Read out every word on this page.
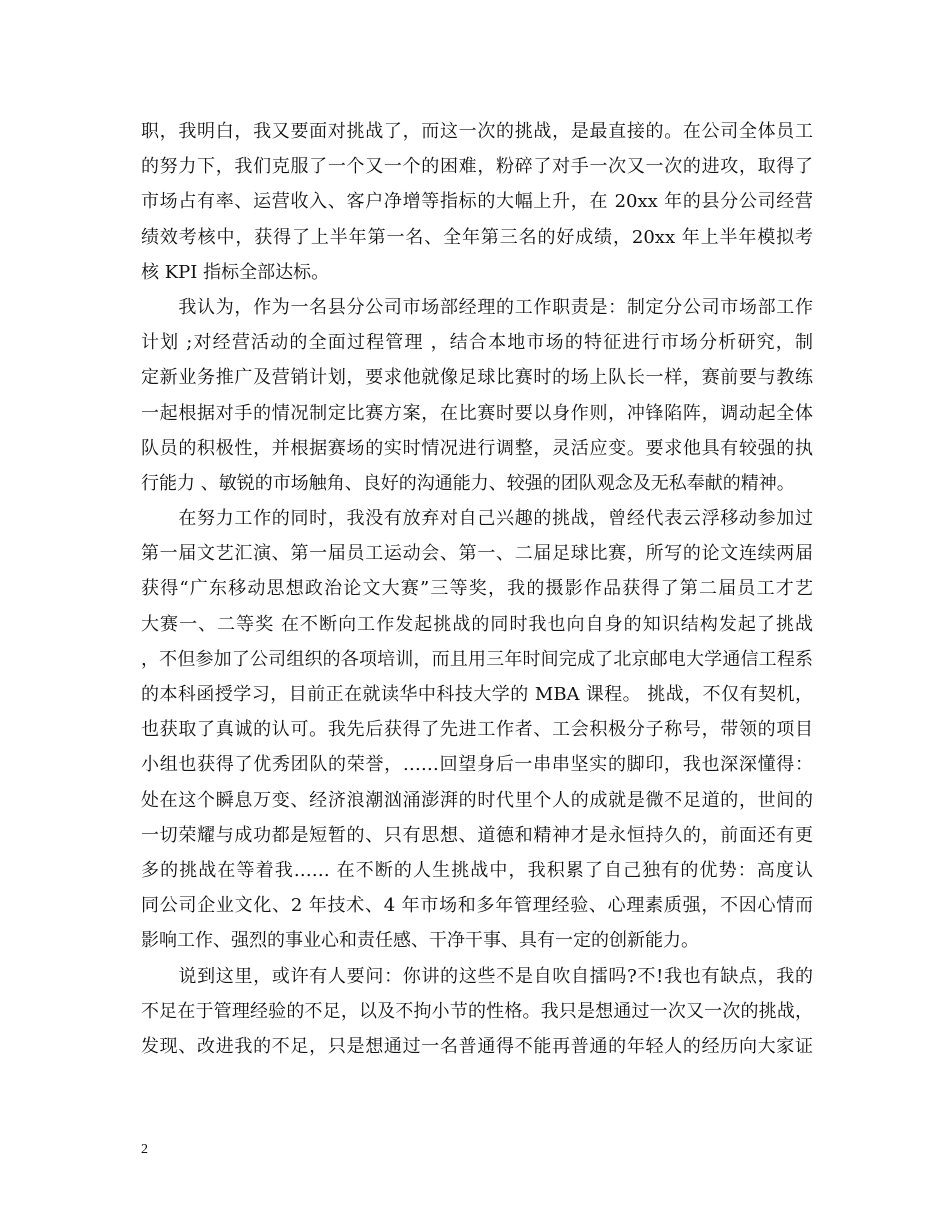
职，我明白，我又要面对挑战了，而这一次的挑战，是最直接的。在公司全体员工
的努力下，我们克服了一个又一个的困难，粉碎了对手一次又一次的进攻，取得了
市场占有率、运营收入、客户净增等指标的大幅上升，在 20xx 年的县分公司经营
绩效考核中，获得了上半年第一名、全年第三名的好成绩，20xx 年上半年模拟考
核 KPI 指标全部达标。
　　我认为，作为一名县分公司市场部经理的工作职责是：制定分公司市场部工作
计划 ;对经营活动的全面过程管理 ，结合本地市场的特征进行市场分析研究，制
定新业务推广及营销计划，要求他就像足球比赛时的场上队长一样，赛前要与教练
一起根据对手的情况制定比赛方案，在比赛时要以身作则，冲锋陷阵，调动起全体
队员的积极性，并根据赛场的实时情况进行调整，灵活应变。要求他具有较强的执
行能力 、敏锐的市场触角、良好的沟通能力、较强的团队观念及无私奉献的精神。
　　在努力工作的同时，我没有放弃对自己兴趣的挑战，曾经代表云浮移动参加过
第一届文艺汇演、第一届员工运动会、第一、二届足球比赛，所写的论文连续两届
获得“广东移动思想政治论文大赛”三等奖，我的摄影作品获得了第二届员工才艺
大赛一、二等奖 在不断向工作发起挑战的同时我也向自身的知识结构发起了挑战
，不但参加了公司组织的各项培训，而且用三年时间完成了北京邮电大学通信工程系
的本科函授学习，目前正在就读华中科技大学的 MBA 课程。 挑战，不仅有契机，
也获取了真诚的认可。我先后获得了先进工作者、工会积极分子称号，带领的项目
小组也获得了优秀团队的荣誉，……回望身后一串串坚实的脚印，我也深深懂得：
处在这个瞬息万变、经济浪潮汹涌澎湃的时代里个人的成就是微不足道的，世间的
一切荣耀与成功都是短暂的、只有思想、道德和精神才是永恒持久的，前面还有更
多的挑战在等着我…… 在不断的人生挑战中，我积累了自己独有的优势：高度认
同公司企业文化、2 年技术、4 年市场和多年管理经验、心理素质强，不因心情而
影响工作、强烈的事业心和责任感、干净干事、具有一定的创新能力。
　　说到这里，或许有人要问：你讲的这些不是自吹自擂吗?不!我也有缺点，我的
不足在于管理经验的不足，以及不拘小节的性格。我只是想通过一次又一次的挑战，
发现、改进我的不足，只是想通过一名普通得不能再普通的年轻人的经历向大家证
2
